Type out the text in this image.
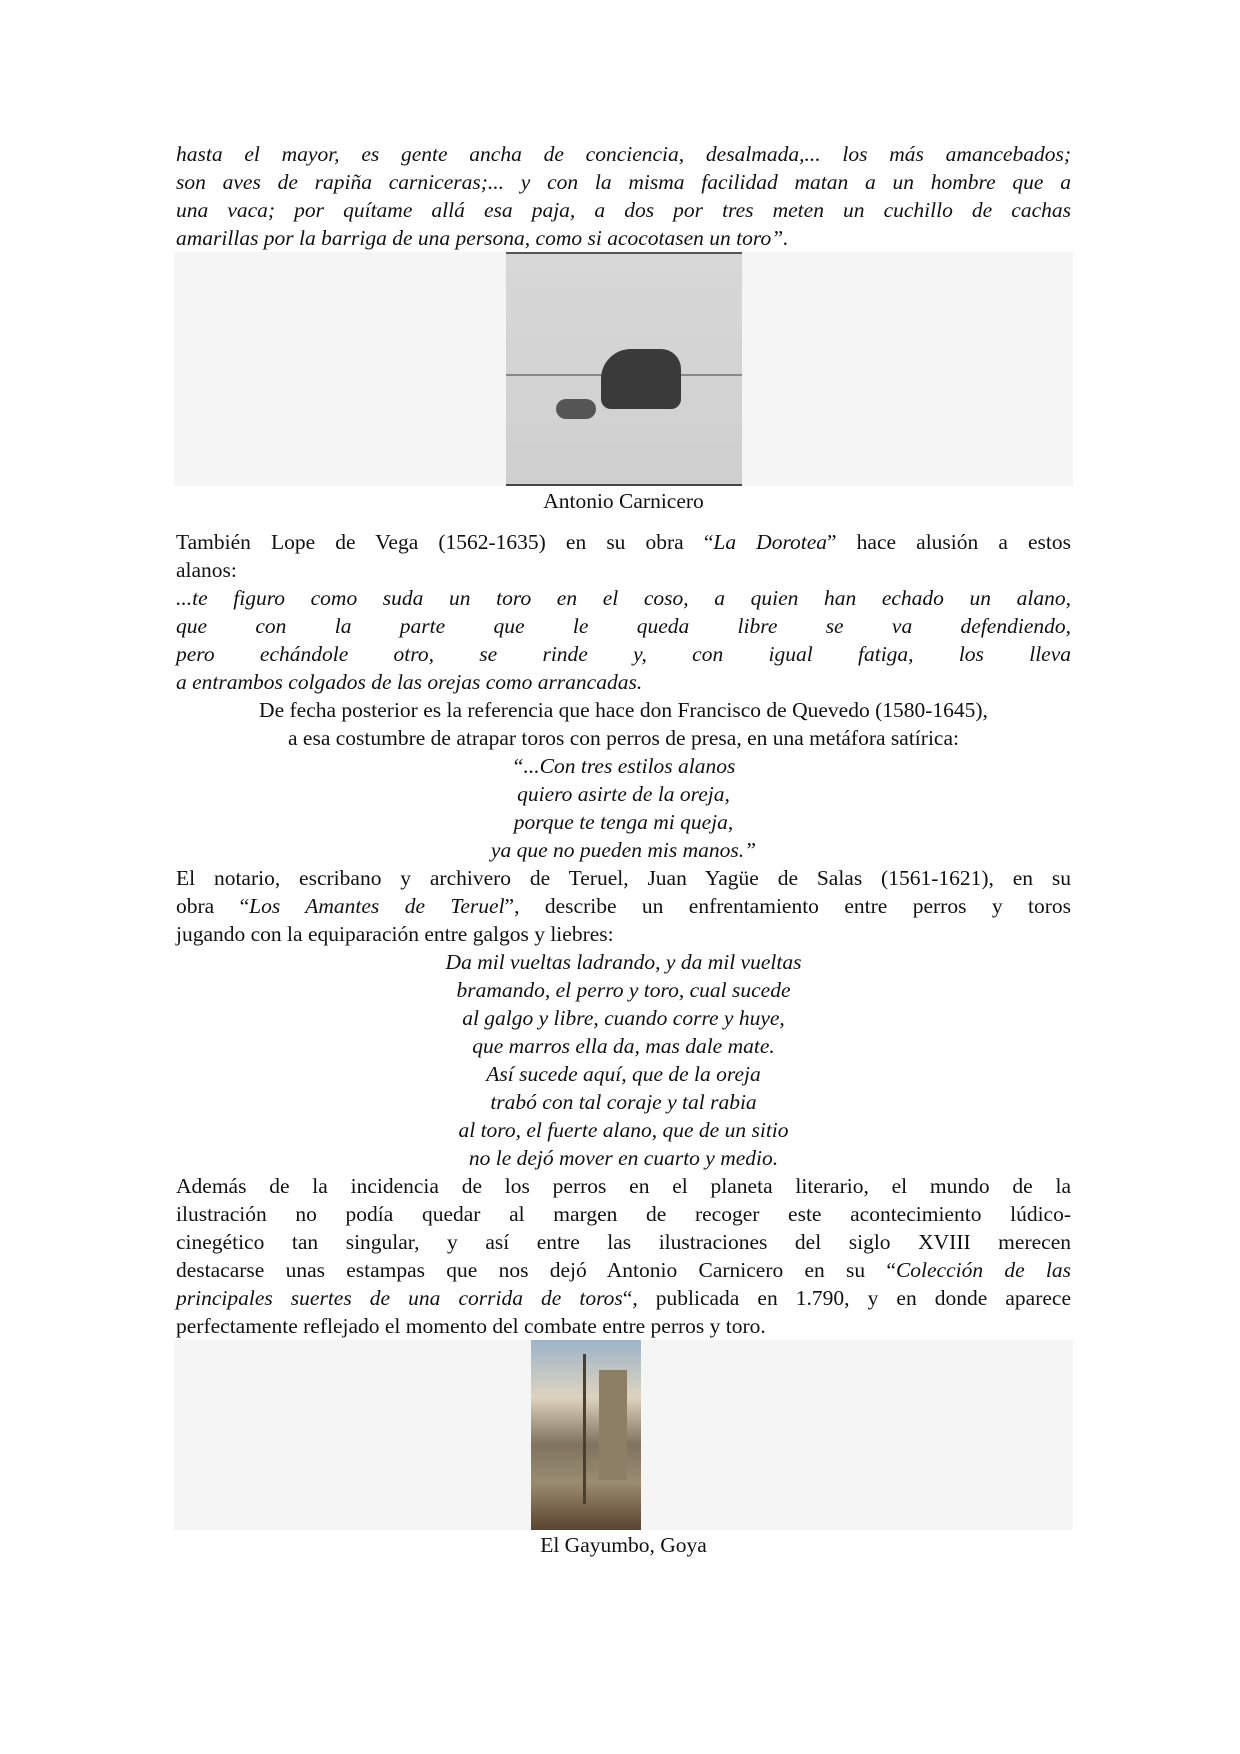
hasta el mayor, es gente ancha de conciencia, desalmada,... los más amancebados;
son aves de rapiña carniceras;... y con la misma facilidad matan a un hombre que a
una vaca; por quítame allá esa paja, a dos por tres meten un cuchillo de cachas
amarillas por la barriga de una persona, como si acocotasen un toro”.
Antonio Carnicero
También Lope de Vega (1562-1635) en su obra “La Dorotea” hace alusión a estos
alanos:
...te figuro como suda un toro en el coso, a quien han echado un alano,
que con la parte que le queda libre se va defendiendo,
pero echándole otro, se rinde y, con igual fatiga, los lleva
a entrambos colgados de las orejas como arrancadas.
De fecha posterior es la referencia que hace don Francisco de Quevedo (1580-1645),
a esa costumbre de atrapar toros con perros de presa, en una metáfora satírica:
“...Con tres estilos alanos
quiero asirte de la oreja,
porque te tenga mi queja,
ya que no pueden mis manos.”
El notario, escribano y archivero de Teruel, Juan Yagüe de Salas (1561-1621), en su
obra “Los Amantes de Teruel”, describe un enfrentamiento entre perros y toros
jugando con la equiparación entre galgos y liebres:
Da mil vueltas ladrando, y da mil vueltas
bramando, el perro y toro, cual sucede
al galgo y libre, cuando corre y huye,
que marros ella da, mas dale mate.
Así sucede aquí, que de la oreja
trabó con tal coraje y tal rabia
al toro, el fuerte alano, que de un sitio
no le dejó mover en cuarto y medio.
Además de la incidencia de los perros en el planeta literario, el mundo de la
ilustración no podía quedar al margen de recoger este acontecimiento lúdico-
cinegético tan singular, y así entre las ilustraciones del siglo XVIII merecen
destacarse unas estampas que nos dejó Antonio Carnicero en su “Colección de las
principales suertes de una corrida de toros“, publicada en 1.790, y en donde aparece
perfectamente reflejado el momento del combate entre perros y toro.
El Gayumbo, Goya
